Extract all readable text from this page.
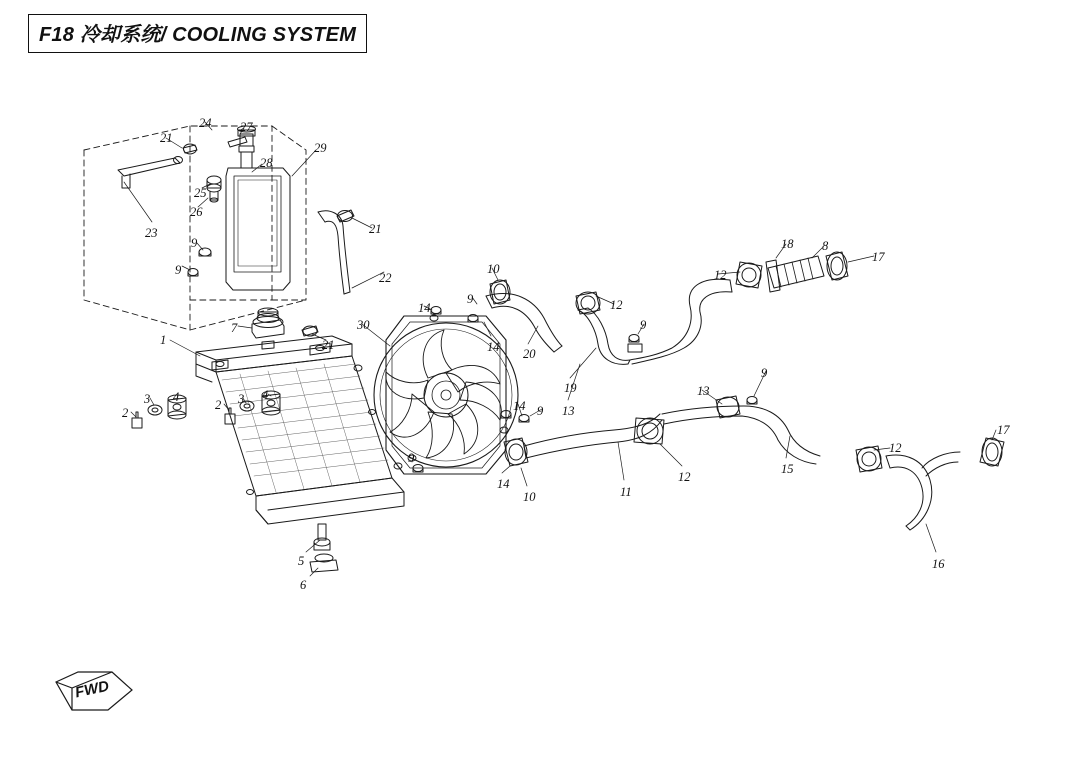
F18 冷却系统/ COOLING SYSTEM
FWD
1
2
3 4
2 3 4
5
6
7
8
9
9
9
9
9
9
9
10
10	11
12
12
12
12
13
13
14
14
14
14
15
16
17
17
18
19
20
21
21
21
22
23
24
25
26
27
28
29
30
